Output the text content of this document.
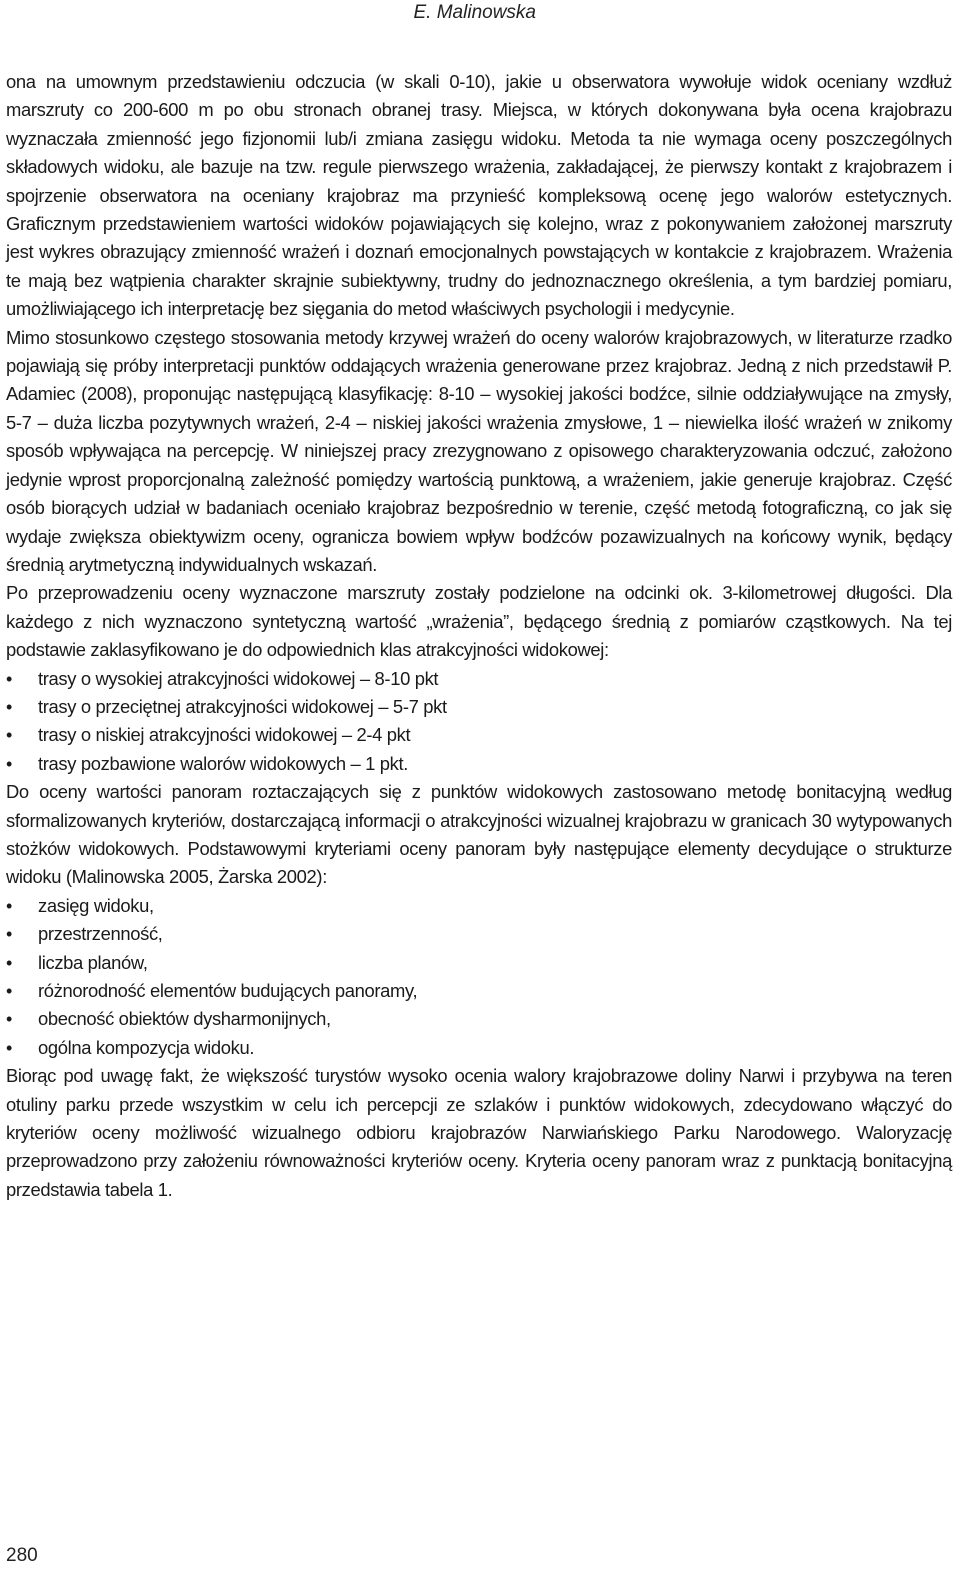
E. Malinowska

ona na umownym przedstawieniu odczucia (w skali 0-10), jakie u obserwatora wywołuje widok oceniany wzdłuż marszruty co 200-600 m po obu stronach obranej trasy. Miejsca, w których dokonywana była ocena krajobrazu wyznaczała zmienność jego fizjonomii lub/i zmiana zasięgu widoku. Metoda ta nie wymaga oceny poszczególnych składowych widoku, ale bazuje na tzw. regule pierwszego wrażenia, zakładającej, że pierwszy kontakt z krajobrazem i spojrzenie obserwatora na oceniany krajobraz ma przynieść kompleksową ocenę jego walorów estetycznych. Graficznym przedstawieniem wartości widoków pojawiających się kolejno, wraz z pokonywaniem założonej marszruty jest wykres obrazujący zmienność wrażeń i doznań emocjonalnych powstających w kontakcie z krajobrazem. Wrażenia te mają bez wątpienia charakter skrajnie subiektywny, trudny do jednoznacznego określenia, a tym bardziej pomiaru, umożliwiającego ich interpretację bez sięgania do metod właściwych psychologii i medycynie.

Mimo stosunkowo częstego stosowania metody krzywej wrażeń do oceny walorów krajobrazowych, w literaturze rzadko pojawiają się próby interpretacji punktów oddających wrażenia generowane przez krajobraz. Jedną z nich przedstawił P. Adamiec (2008), proponując następującą klasyfikację: 8-10 – wysokiej jakości bodźce, silnie oddziaływujące na zmysły, 5-7 – duża liczba pozytywnych wrażeń, 2-4 – niskiej jakości wrażenia zmysłowe, 1 – niewielka ilość wrażeń w znikomy sposób wpływająca na percepcję. W niniejszej pracy zrezygnowano z opisowego charakteryzowania odczuć, założono jedynie wprost proporcjonalną zależność pomiędzy wartością punktową, a wrażeniem, jakie generuje krajobraz. Część osób biorących udział w badaniach oceniało krajobraz bezpośrednio w terenie, część metodą fotograficzną, co jak się wydaje zwiększa obiektywizm oceny, ogranicza bowiem wpływ bodźców pozawizualnych na końcowy wynik, będący średnią arytmetyczną indywidualnych wskazań.

Po przeprowadzeniu oceny wyznaczone marszruty zostały podzielone na odcinki ok. 3-kilometrowej długości. Dla każdego z nich wyznaczono syntetyczną wartość „wrażenia”, będącego średnią z pomiarów cząstkowych. Na tej podstawie zaklasyfikowano je do odpowiednich klas atrakcyjności widokowej:

• trasy o wysokiej atrakcyjności widokowej – 8-10 pkt
• trasy o przeciętnej atrakcyjności widokowej – 5-7 pkt
• trasy o niskiej atrakcyjności widokowej – 2-4 pkt
• trasy pozbawione walorów widokowych – 1 pkt.

Do oceny wartości panoram roztaczających się z punktów widokowych zastosowano metodę bonitacyjną według sformalizowanych kryteriów, dostarczającą informacji o atrakcyjności wizualnej krajobrazu w granicach 30 wytypowanych stożków widokowych. Podstawowymi kryteriami oceny panoram były następujące elementy decydujące o strukturze widoku (Malinowska 2005, Żarska 2002):

• zasięg widoku,
• przestrzenność,
• liczba planów,
• różnorodność elementów budujących panoramy,
• obecność obiektów dysharmonijnych,
• ogólna kompozycja widoku.

Biorąc pod uwagę fakt, że większość turystów wysoko ocenia walory krajobrazowe doliny Narwi i przybywa na teren otuliny parku przede wszystkim w celu ich percepcji ze szlaków i punktów widokowych, zdecydowano włączyć do kryteriów oceny możliwość wizualnego odbioru krajobrazów Narwiańskiego Parku Narodowego. Waloryzację przeprowadzono przy założeniu równoważności kryteriów oceny. Kryteria oceny panoram wraz z punktacją bonitacyjną przedstawia tabela 1.

280
